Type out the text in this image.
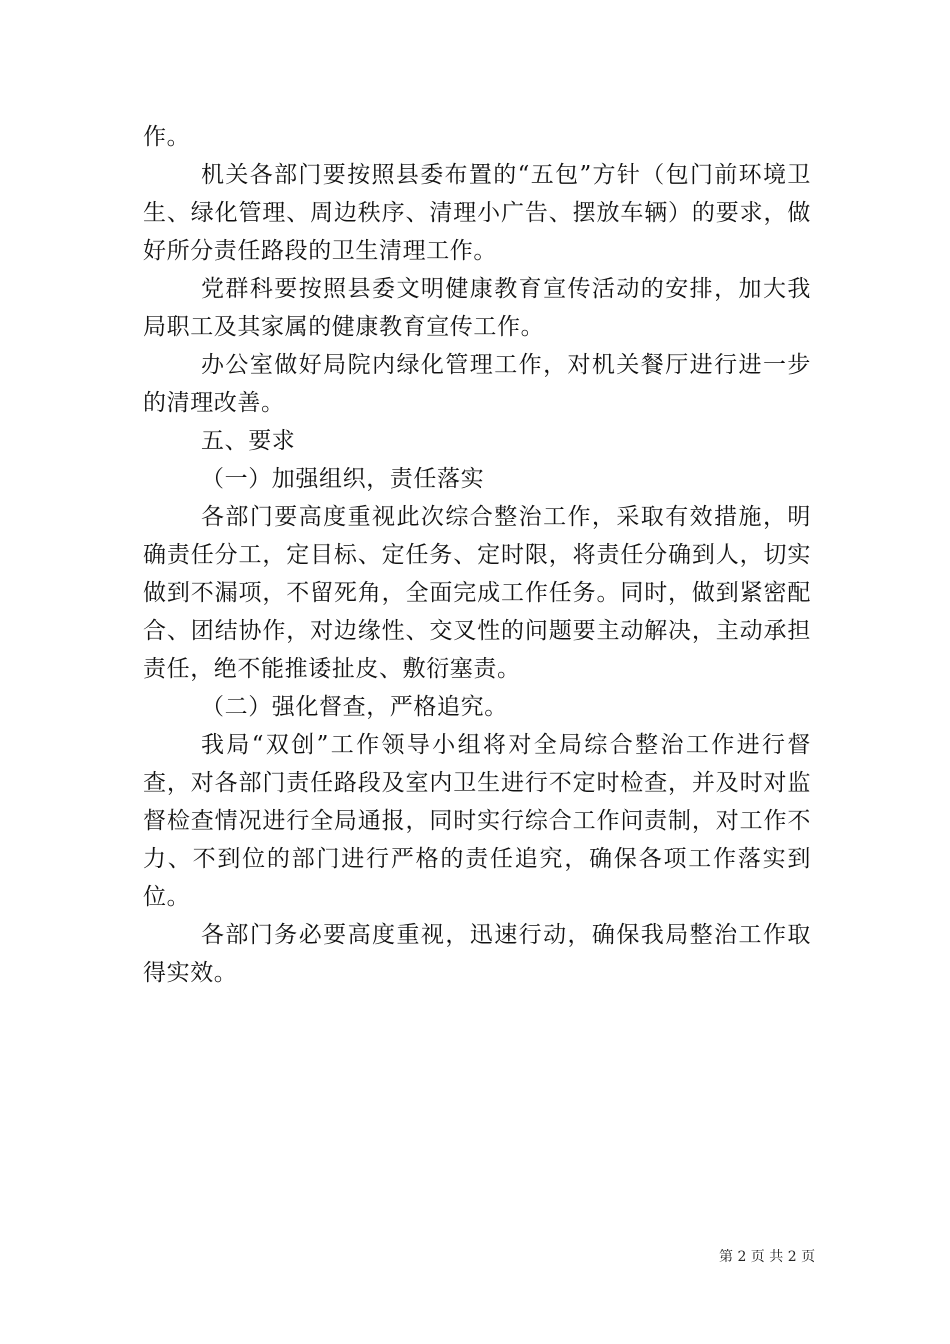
作。

机关各部门要按照县委布置的“五包”方针（包门前环境卫生、绿化管理、周边秩序、清理小广告、摆放车辆）的要求，做好所分责任路段的卫生清理工作。

党群科要按照县委文明健康教育宣传活动的安排，加大我局职工及其家属的健康教育宣传工作。

办公室做好局院内绿化管理工作，对机关餐厅进行进一步的清理改善。

五、要求

（一）加强组织，责任落实

各部门要高度重视此次综合整治工作，采取有效措施，明确责任分工，定目标、定任务、定时限，将责任分确到人，切实做到不漏项，不留死角，全面完成工作任务。同时，做到紧密配合、团结协作，对边缘性、交叉性的问题要主动解决，主动承担责任，绝不能推诿扯皮、敷衍塞责。

（二）强化督查，严格追究。

我局“双创”工作领导小组将对全局综合整治工作进行督查，对各部门责任路段及室内卫生进行不定时检查，并及时对监督检查情况进行全局通报，同时实行综合工作问责制，对工作不力、不到位的部门进行严格的责任追究，确保各项工作落实到位。

各部门务必要高度重视，迅速行动，确保我局整治工作取得实效。

第 2 页 共 2 页
